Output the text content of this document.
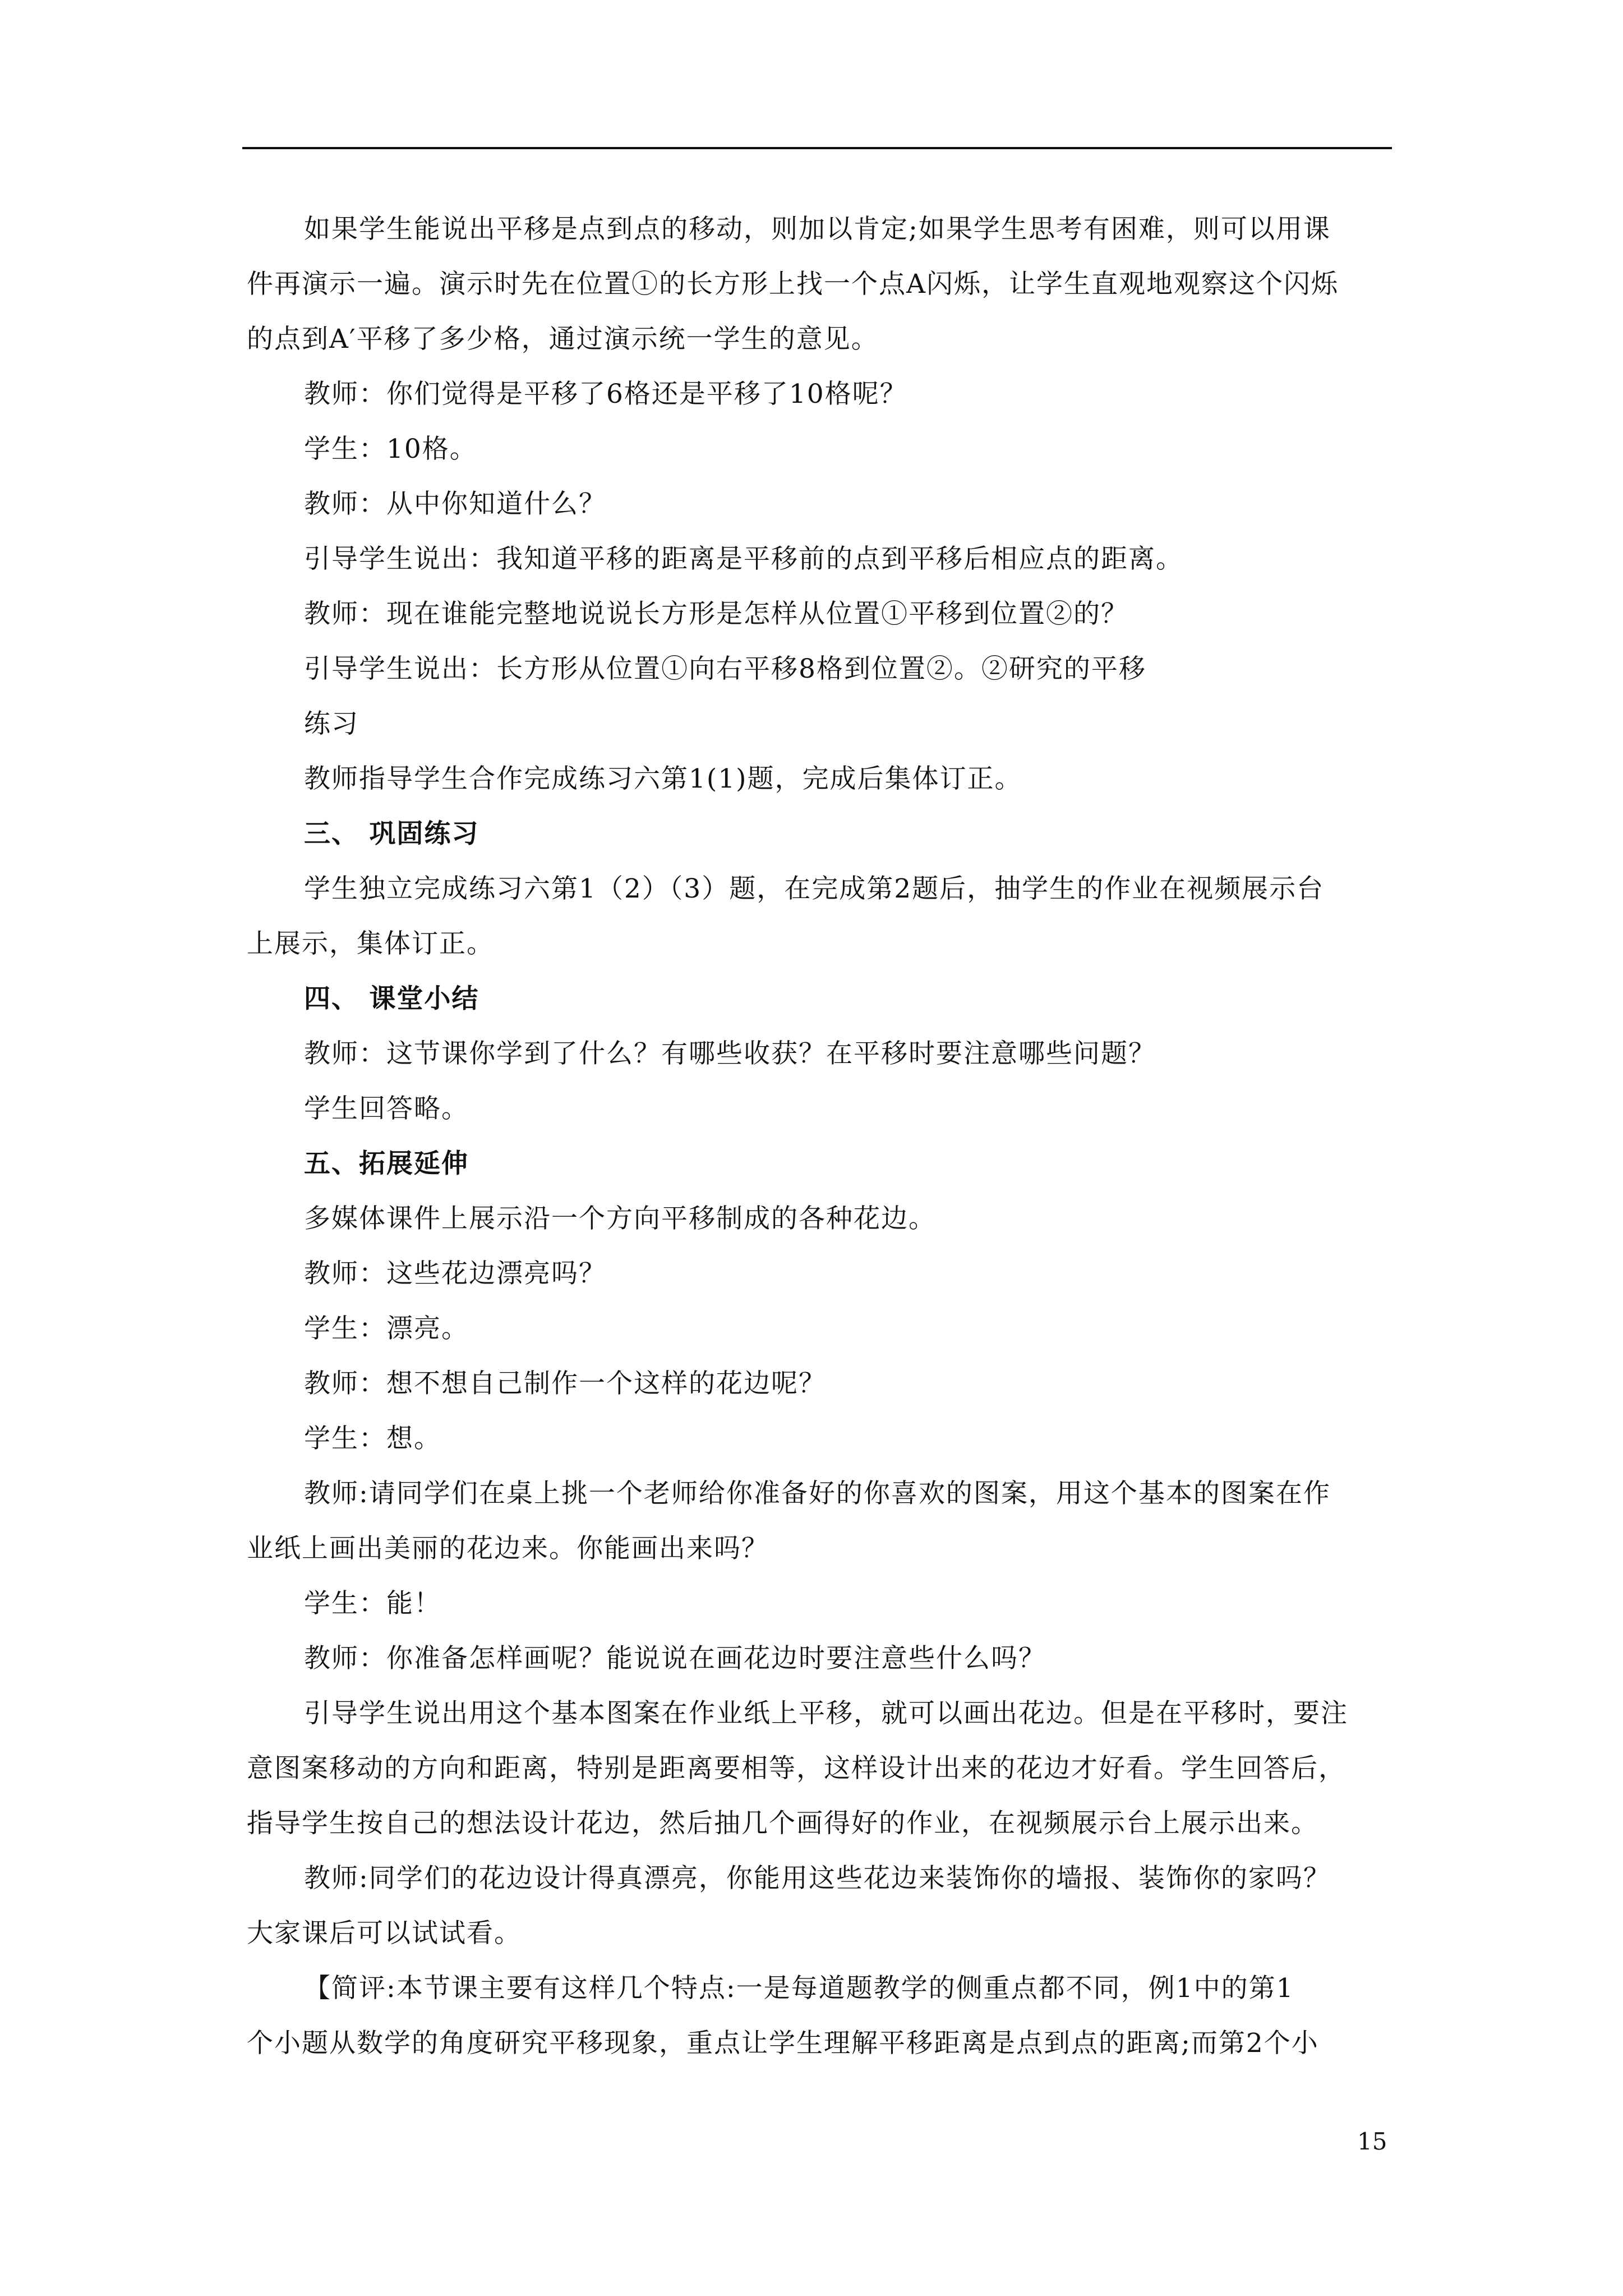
如果学生能说出平移是点到点的移动，则加以肯定;如果学生思考有困难，则可以用课

件再演示一遍。演示时先在位置①的长方形上找一个点A闪烁，让学生直观地观察这个闪烁

的点到A′平移了多少格，通过演示统一学生的意见。

教师：你们觉得是平移了6格还是平移了10格呢？

学生：10格。

教师：从中你知道什么？

引导学生说出：我知道平移的距离是平移前的点到平移后相应点的距离。

教师：现在谁能完整地说说长方形是怎样从位置①平移到位置②的？

引导学生说出：长方形从位置①向右平移8格到位置②。②研究的平移

练习

教师指导学生合作完成练习六第1(1)题，完成后集体订正。

三、 巩固练习

学生独立完成练习六第1（2）（3）题，在完成第2题后，抽学生的作业在视频展示台

上展示，集体订正。

四、 课堂小结

教师：这节课你学到了什么？有哪些收获？在平移时要注意哪些问题？

学生回答略。

五、拓展延伸

多媒体课件上展示沿一个方向平移制成的各种花边。

教师：这些花边漂亮吗？

学生：漂亮。

教师：想不想自己制作一个这样的花边呢？

学生：想。

教师:请同学们在桌上挑一个老师给你准备好的你喜欢的图案，用这个基本的图案在作

业纸上画出美丽的花边来。你能画出来吗？

学生：能！

教师：你准备怎样画呢？能说说在画花边时要注意些什么吗？

引导学生说出用这个基本图案在作业纸上平移，就可以画出花边。但是在平移时，要注

意图案移动的方向和距离，特别是距离要相等，这样设计出来的花边才好看。学生回答后，

指导学生按自己的想法设计花边，然后抽几个画得好的作业，在视频展示台上展示出来。

教师:同学们的花边设计得真漂亮，你能用这些花边来装饰你的墙报、装饰你的家吗？

大家课后可以试试看。

【简评:本节课主要有这样几个特点:一是每道题教学的侧重点都不同，例1中的第1

个小题从数学的角度研究平移现象，重点让学生理解平移距离是点到点的距离;而第2个小

15
